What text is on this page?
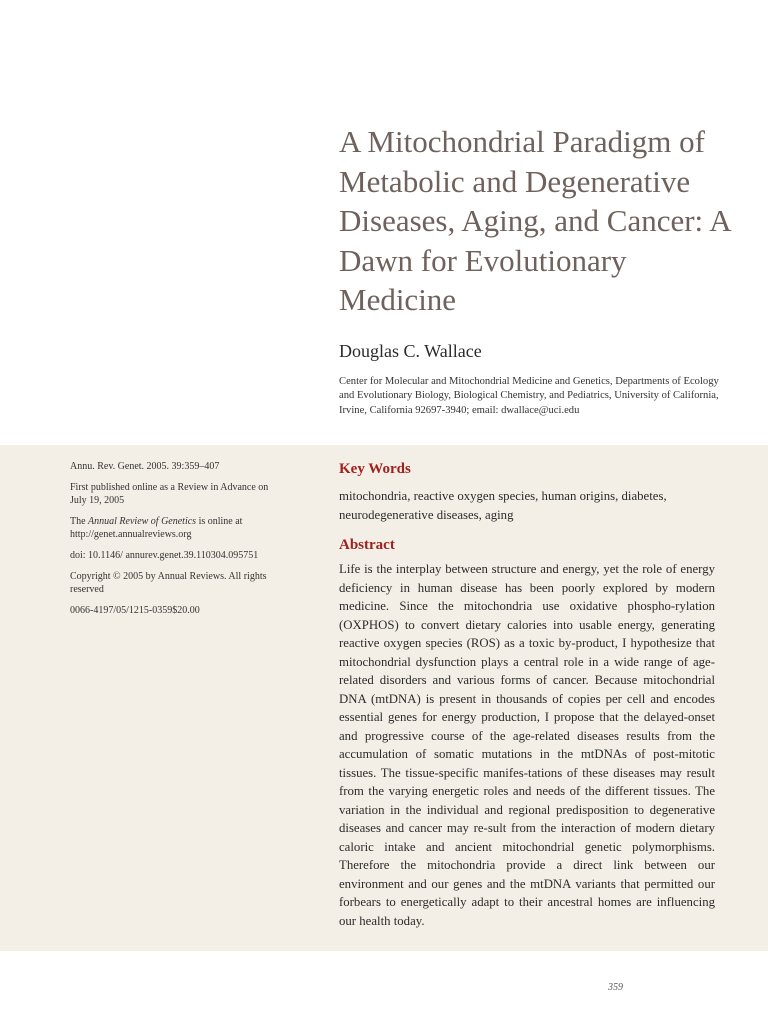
A Mitochondrial Paradigm of Metabolic and Degenerative Diseases, Aging, and Cancer: A Dawn for Evolutionary Medicine
Douglas C. Wallace
Center for Molecular and Mitochondrial Medicine and Genetics, Departments of Ecology and Evolutionary Biology, Biological Chemistry, and Pediatrics, University of California, Irvine, California 92697-3940; email: dwallace@uci.edu

Annu. Rev. Genet. 2005. 39:359–407

First published online as a Review in Advance on July 19, 2005

The Annual Review of Genetics is online at http://genet.annualreviews.org

doi: 10.1146/ annurev.genet.39.110304.095751

Copyright © 2005 by Annual Reviews. All rights reserved

0066-4197/05/1215-0359$20.00

Key Words
mitochondria, reactive oxygen species, human origins, diabetes, neurodegenerative diseases, aging
Abstract

Life is the interplay between structure and energy, yet the role of energy deficiency in human disease has been poorly explored by modern medicine. Since the mitochondria use oxidative phospho-rylation (OXPHOS) to convert dietary calories into usable energy, generating reactive oxygen species (ROS) as a toxic by-product, I hypothesize that mitochondrial dysfunction plays a central role in a wide range of age-related disorders and various forms of cancer. Because mitochondrial DNA (mtDNA) is present in thousands of copies per cell and encodes essential genes for energy production, I propose that the delayed-onset and progressive course of the age-related diseases results from the accumulation of somatic mutations in the mtDNAs of post-mitotic tissues. The tissue-specific manifes-tations of these diseases may result from the varying energetic roles and needs of the different tissues. The variation in the individual and regional predisposition to degenerative diseases and cancer may re-sult from the interaction of modern dietary caloric intake and ancient mitochondrial genetic polymorphisms. Therefore the mitochondria provide a direct link between our environment and our genes and the mtDNA variants that permitted our forbears to energetically adapt to their ancestral homes are influencing our health today.

359
